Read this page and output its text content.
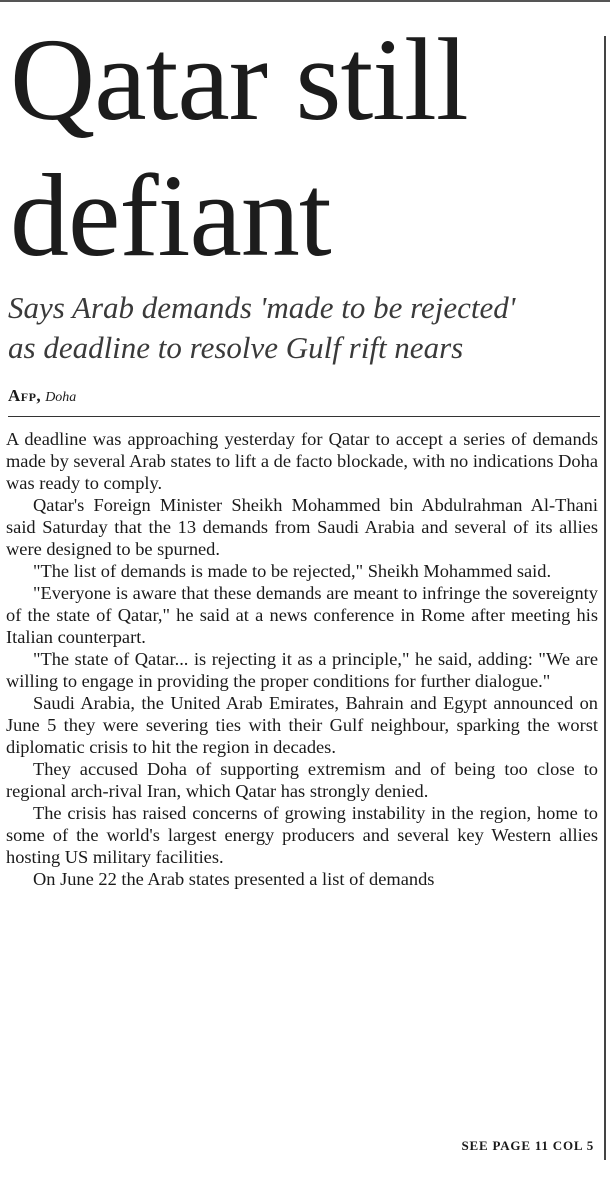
Qatar still
defiant
Says Arab demands 'made to be rejected'
as deadline to resolve Gulf rift nears
Afp, Doha

A deadline was approaching yesterday for Qatar to accept a series of demands made by several Arab states to lift a de facto blockade, with no indications Doha was ready to comply.

Qatar's Foreign Minister Sheikh Mohammed bin Abdulrahman Al-Thani said Saturday that the 13 demands from Saudi Arabia and several of its allies were designed to be spurned.

"The list of demands is made to be rejected," Sheikh Mohammed said.

"Everyone is aware that these demands are meant to infringe the sovereignty of the state of Qatar," he said at a news conference in Rome after meeting his Italian counterpart.

"The state of Qatar... is rejecting it as a principle," he said, adding: "We are willing to engage in providing the proper conditions for further dialogue."

Saudi Arabia, the United Arab Emirates, Bahrain and Egypt announced on June 5 they were severing ties with their Gulf neighbour, sparking the worst diplomatic crisis to hit the region in decades.

They accused Doha of supporting extremism and of being too close to regional arch-rival Iran, which Qatar has strongly denied.

The crisis has raised concerns of growing instability in the region, home to some of the world's largest energy producers and several key Western allies hosting US military facilities.

On June 22 the Arab states presented a list of demands

SEE PAGE 11 COL 5
